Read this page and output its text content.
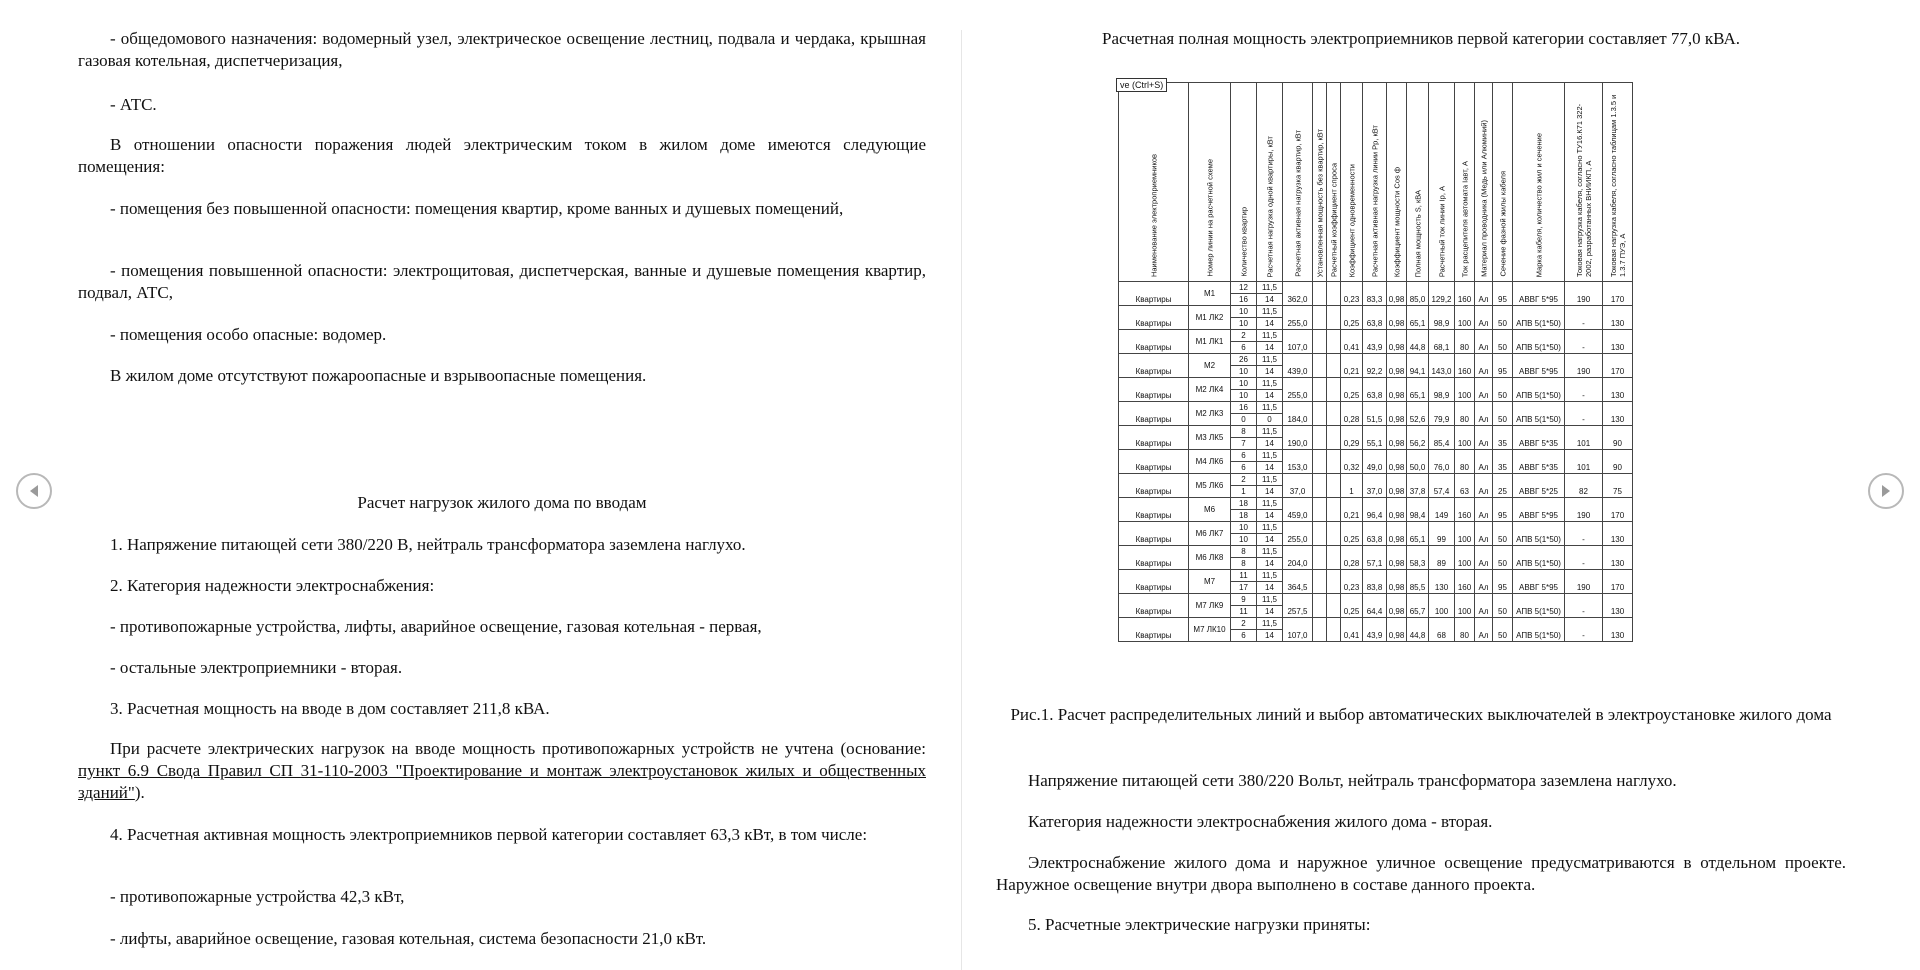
- общедомового назначения: водомерный узел, электрическое освещение лестниц, подвала и чердака, крышная газовая котельная, диспетчеризация,

- АТС.

В отношении опасности поражения людей электрическим током в жилом доме имеются следующие помещения:

- помещения без повышенной опасности: помещения квартир, кроме ванных и душевых помещений,

- помещения повышенной опасности: электрощитовая, диспетчерская, ванные и душевые помещения квартир, подвал, АТС,

- помещения особо опасные: водомер.

В жилом доме отсутствуют пожароопасные и взрывоопасные помещения.

Расчет нагрузок жилого дома по вводам

1. Напряжение питающей сети 380/220 В, нейтраль трансформатора заземлена наглухо.

2. Категория надежности электроснабжения:

- противопожарные устройства, лифты, аварийное освещение, газовая котельная - первая,

- остальные электроприемники - вторая.

3. Расчетная мощность на вводе в дом составляет 211,8 кВА.

При расчете электрических нагрузок на вводе мощность противопожарных устройств не учтена (основание: пункт 6.9 Свода Правил СП 31-110-2003 "Проектирование и монтаж электроустановок жилых и общественных зданий").

4. Расчетная активная мощность электроприемников первой категории составляет 63,3 кВт, в том числе:

- противопожарные устройства 42,3 кВт,

- лифты, аварийное освещение, газовая котельная, система безопасности 21,0 кВт.

Расчетная полная мощность электроприемников первой категории составляет 77,0 кВА.

Рис.1. Расчет распределительных линий и выбор автоматических выключателей в электроустановке жилого дома

Напряжение питающей сети 380/220 Вольт, нейтраль трансформатора заземлена наглухо.

Категория надежности электроснабжения жилого дома - вторая.

Электроснабжение жилого дома и наружное уличное освещение предусматриваются в отдельном проекте. Наружное освещение внутри двора выполнено в составе данного проекта.

5. Расчетные электрические нагрузки приняты:

Наименование электроприемников	Номер линии на расчетной схеме	Количество квартир	Расчетная нагрузка одной квартиры, кВт	Расчетная активная нагрузка квартир, кВт	Установленная мощность без квартир, кВт	Расчетный коэффициент спроса	Коэффициент одновременности	Расчетная активная нагрузка линии Рр, кВт	Коэффициент мощности Cos ф	Полная мощность S, кВА	Расчетный ток линии Iр, А	Ток расцепителя автомата Iавт, А	Материал проводника (Медь или Алюминий)	Сечение фазной жилы кабеля	Марка кабеля, количество жил и сечение	Токовая нагрузка кабеля, согласно ТУ16.К71 322-2002, разработанных ВНИИКП, А	Токовая нагрузка кабеля, согласно таблицам 1.3.5 и 1.3.7 ПУЭ, А

Квартиры	М1	12	11,5	362,0			0,23	83,3	0,98	85,0	129,2	160	Ал	95	АВВГ 5*95	190	170
		16	14														
Квартиры	М1 ЛК2	10	11,5	255,0			0,25	63,8	0,98	65,1	98,9	100	Ал	50	АПВ 5(1*50)	-	130
		10	14														
Квартиры	М1 ЛК1	2	11,5	107,0			0,41	43,9	0,98	44,8	68,1	80	Ал	50	АПВ 5(1*50)	-	130
		6	14														
Квартиры	М2	26	11,5	439,0			0,21	92,2	0,98	94,1	143,0	160	Ал	95	АВВГ 5*95	190	170
		10	14														
Квартиры	М2 ЛК4	10	11,5	255,0			0,25	63,8	0,98	65,1	98,9	100	Ал	50	АПВ 5(1*50)	-	130
		10	14														
Квартиры	М2 ЛК3	16	11,5	184,0			0,28	51,5	0,98	52,6	79,9	80	Ал	50	АПВ 5(1*50)	-	130
		0	0														
Квартиры	М3 ЛК5	8	11,5	190,0			0,29	55,1	0,98	56,2	85,4	100	Ал	35	АВВГ 5*35	101	90
		7	14														
Квартиры	М4 ЛК6	6	11,5	153,0			0,32	49,0	0,98	50,0	76,0	80	Ал	35	АВВГ 5*35	101	90
		6	14														
Квартиры	М5 ЛК6	2	11,5	37,0			1	37,0	0,98	37,8	57,4	63	Ал	25	АВВГ 5*25	82	75
		1	14														
Квартиры	М6	18	11,5	459,0			0,21	96,4	0,98	98,4	149	160	Ал	95	АВВГ 5*95	190	170
		18	14														
Квартиры	М6 ЛК7	10	11,5	255,0			0,25	63,8	0,98	65,1	99	100	Ал	50	АПВ 5(1*50)	-	130
		10	14														
Квартиры	М6 ЛК8	8	11,5	204,0			0,28	57,1	0,98	58,3	89	100	Ал	50	АПВ 5(1*50)	-	130
		8	14														
Квартиры	М7	11	11,5	364,5			0,23	83,8	0,98	85,5	130	160	Ал	95	АВВГ 5*95	190	170
		17	14														
Квартиры	М7 ЛК9	9	11,5	257,5			0,25	64,4	0,98	65,7	100	100	Ал	50	АПВ 5(1*50)	-	130
		11	14														
Квартиры	М7 ЛК10	2	11,5	107,0			0,41	43,9	0,98	44,8	68	80	Ал	50	АПВ 5(1*50)	-	130
		6	14														
ve (Ctrl+S)
